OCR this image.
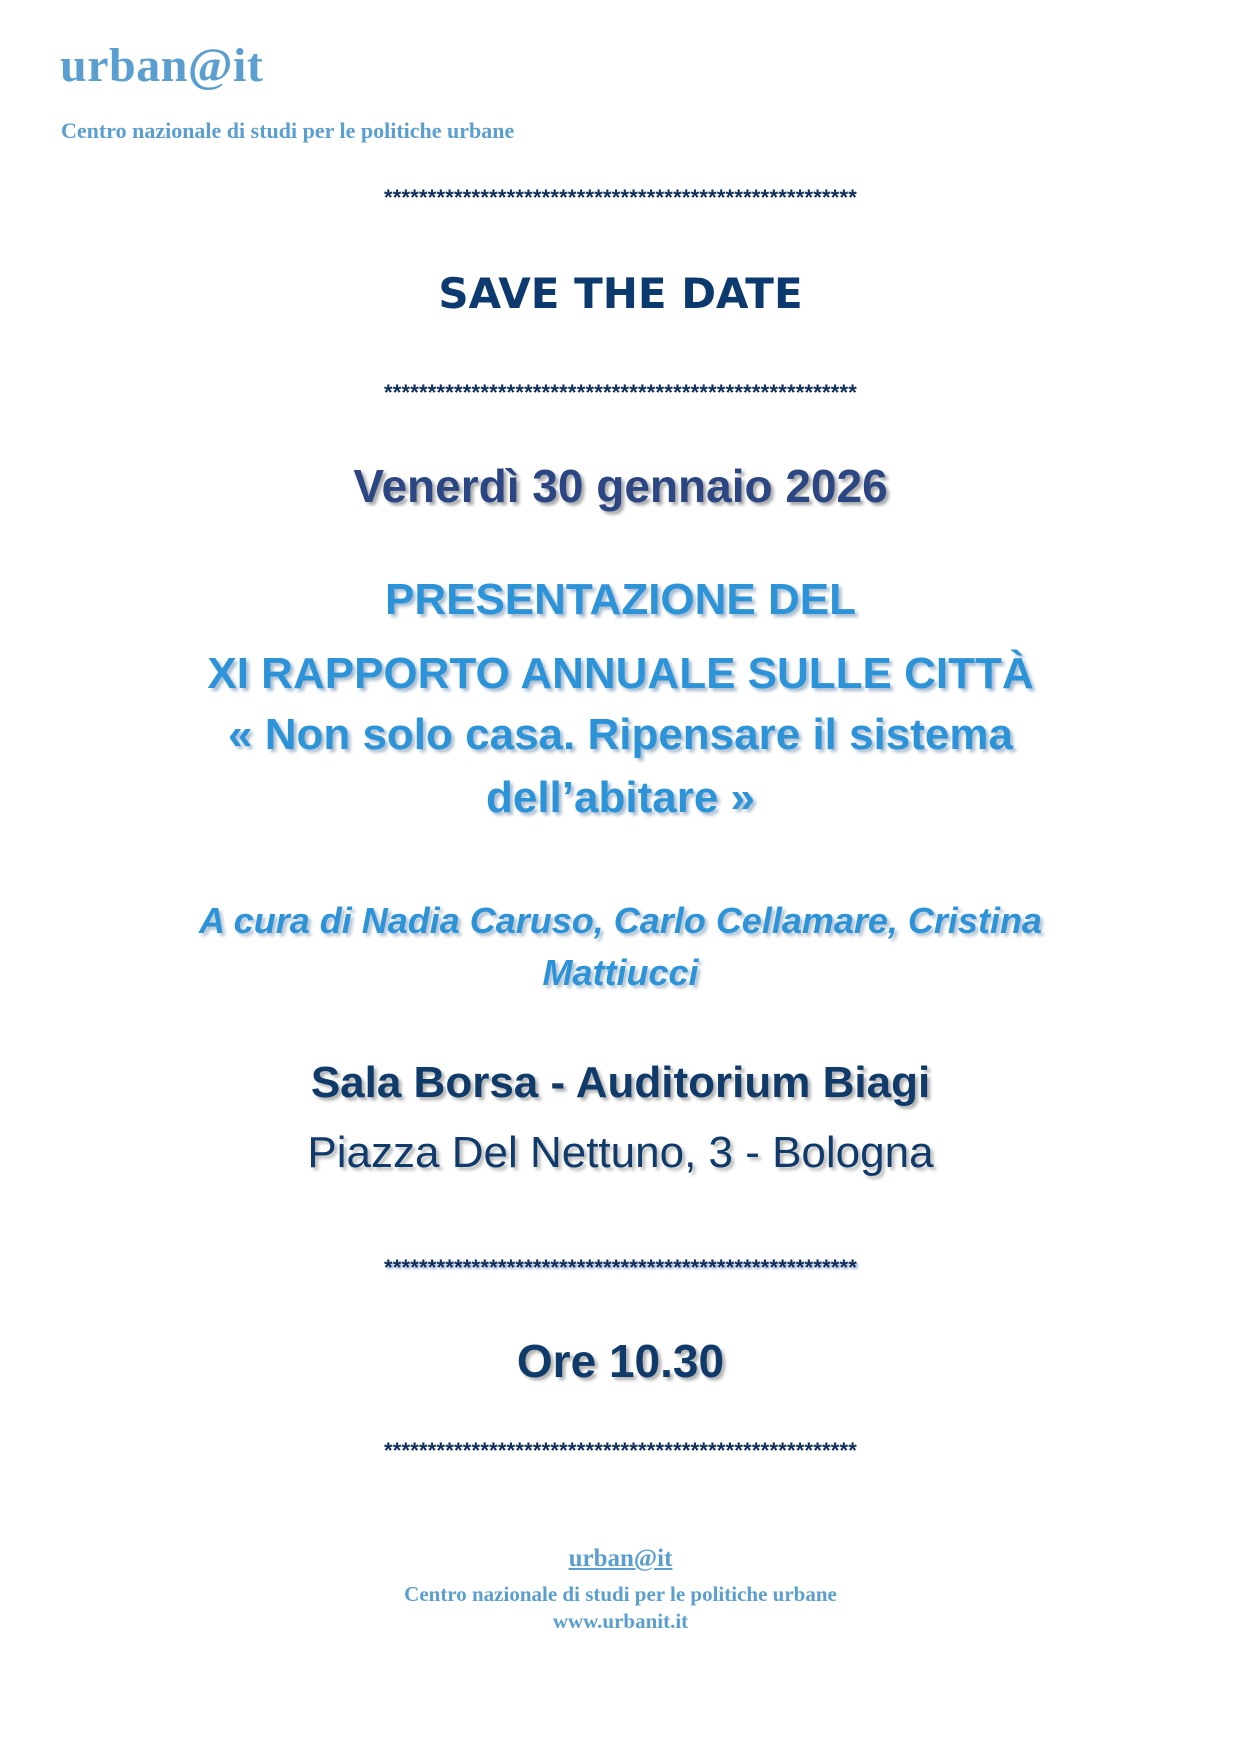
urban@it
Centro nazionale di studi per le politiche urbane
******************************************************
SAVE THE DATE
******************************************************
Venerdì 30 gennaio 2026
PRESENTAZIONE DEL
XI RAPPORTO ANNUALE SULLE CITTÀ
« Non solo casa. Ripensare il sistema
dell’abitare »
A cura di Nadia Caruso, Carlo Cellamare, Cristina
Mattiucci
Sala Borsa - Auditorium Biagi
Piazza Del Nettuno, 3 - Bologna
******************************************************
Ore 10.30
******************************************************
urban@it
Centro nazionale di studi per le politiche urbane
www.urbanit.it
